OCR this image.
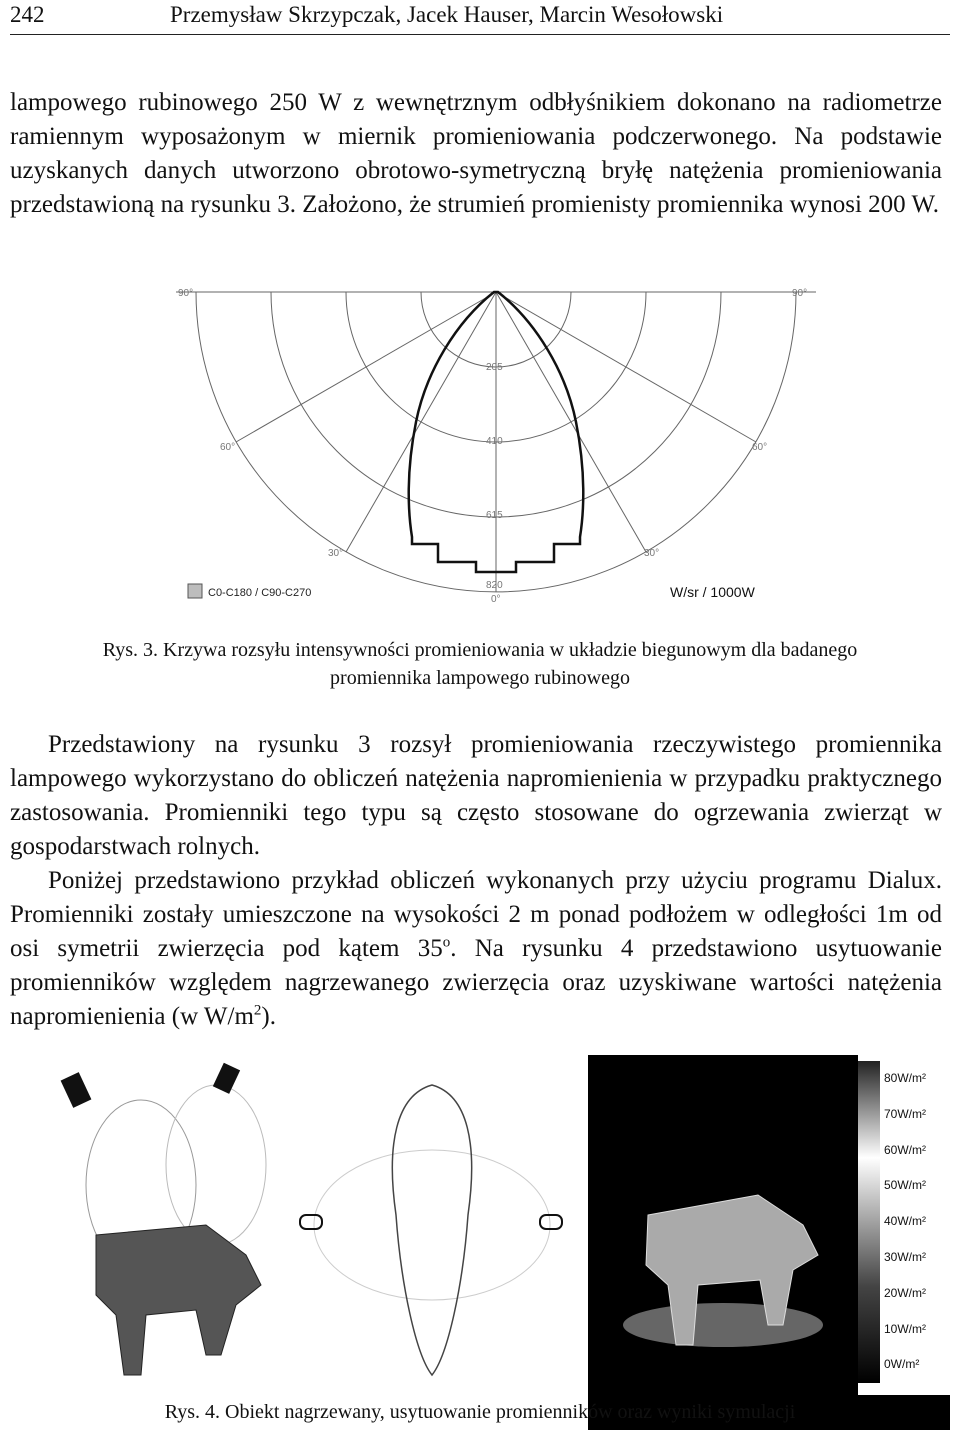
242	Przemysław Skrzypczak, Jacek Hauser, Marcin Wesołowski

lampowego rubinowego 250 W z wewnętrznym odbłyśnikiem dokonano na radiometrze ramiennym wyposażonym w miernik promieniowania podczerwonego. Na podstawie uzyskanych danych utworzono obrotowo-symetryczną bryłę natężenia promieniowania przedstawioną na rysunku 3. Założono, że strumień promienisty promiennika wynosi 200 W.

90°	90°
60°	60°
30°	30°
205
410
615
820
0°
C0-C180 / C90-C270	W/sr / 1000W
Rys. 3. Krzywa rozsyłu intensywności promieniowania w układzie biegunowym dla badanego
promiennika lampowego rubinowego

Przedstawiony na rysunku 3 rozsył promieniowania rzeczywistego promiennika lampowego wykorzystano do obliczeń natężenia napromienienia w przypadku praktycznego zastosowania. Promienniki tego typu są często stosowane do ogrzewania zwierząt w gospodarstwach rolnych.

Poniżej przedstawiono przykład obliczeń wykonanych przy użyciu programu Dialux. Promienniki zostały umieszczone na wysokości 2 m ponad podłożem w odległości 1m od osi symetrii zwierzęcia pod kątem 35$^o$. Na rysunku 4 przedstawiono usytuowanie promienników względem nagrzewanego zwierzęcia oraz uzyskiwane wartości natężenia napromienienia (w $W/m^2$).

80W/m²
70W/m²
60W/m²
50W/m²
40W/m²
30W/m²
20W/m²
10W/m²
0W/m²
Rys. 4. Obiekt nagrzewany, usytuowanie promienników oraz wyniki symulacji
